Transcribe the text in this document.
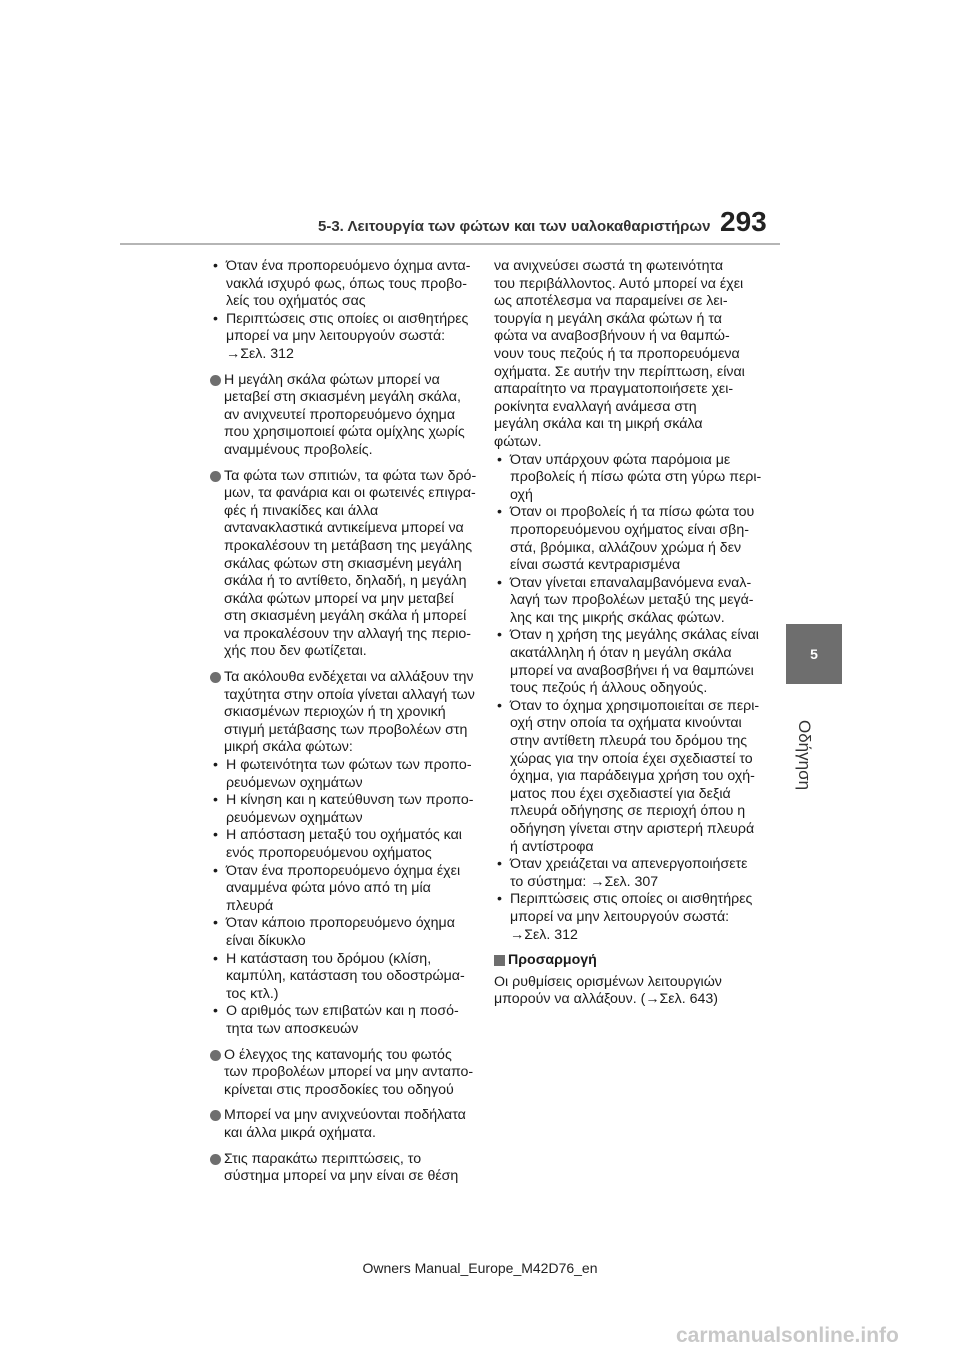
5-3. Λειτουργία των φώτων και των υαλοκαθαριστήρων 293
5
Οδήγηση
• Όταν ένα προπορευόμενο όχημα αντα-
νακλά ισχυρό φως, όπως τους προβο-
λείς του οχήματός σας
• Περιπτώσεις στις οποίες οι αισθητήρες
μπορεί να μην λειτουργούν σωστά:
→Σελ. 312
Η μεγάλη σκάλα φώτων μπορεί να
μεταβεί στη σκιασμένη μεγάλη σκάλα,
αν ανιχνευτεί προπορευόμενο όχημα
που χρησιμοποιεί φώτα ομίχλης χωρίς
αναμμένους προβολείς.
Τα φώτα των σπιτιών, τα φώτα των δρό-
μων, τα φανάρια και οι φωτεινές επιγρα-
φές ή πινακίδες και άλλα
αντανακλαστικά αντικείμενα μπορεί να
προκαλέσουν τη μετάβαση της μεγάλης
σκάλας φώτων στη σκιασμένη μεγάλη
σκάλα ή το αντίθετο, δηλαδή, η μεγάλη
σκάλα φώτων μπορεί να μην μεταβεί
στη σκιασμένη μεγάλη σκάλα ή μπορεί
να προκαλέσουν την αλλαγή της περιο-
χής που δεν φωτίζεται.
Τα ακόλουθα ενδέχεται να αλλάξουν την
ταχύτητα στην οποία γίνεται αλλαγή των
σκιασμένων περιοχών ή τη χρονική
στιγμή μετάβασης των προβολέων στη
μικρή σκάλα φώτων:
• Η φωτεινότητα των φώτων των προπο-
ρευόμενων οχημάτων
• Η κίνηση και η κατεύθυνση των προπο-
ρευόμενων οχημάτων
• Η απόσταση μεταξύ του οχήματός και
ενός προπορευόμενου οχήματος
• Όταν ένα προπορευόμενο όχημα έχει
αναμμένα φώτα μόνο από τη μία
πλευρά
• Όταν κάποιο προπορευόμενο όχημα
είναι δίκυκλο
• Η κατάσταση του δρόμου (κλίση,
καμπύλη, κατάσταση του οδοστρώμα-
τος κτλ.)
• Ο αριθμός των επιβατών και η ποσό-
τητα των αποσκευών
Ο έλεγχος της κατανομής του φωτός
των προβολέων μπορεί να μην ανταπο-
κρίνεται στις προσδοκίες του οδηγού
Μπορεί να μην ανιχνεύονται ποδήλατα
και άλλα μικρά οχήματα.
Στις παρακάτω περιπτώσεις, το
σύστημα μπορεί να μην είναι σε θέση
να ανιχνεύσει σωστά τη φωτεινότητα
του περιβάλλοντος. Αυτό μπορεί να έχει
ως αποτέλεσμα να παραμείνει σε λει-
τουργία η μεγάλη σκάλα φώτων ή τα
φώτα να αναβοσβήνουν ή να θαμπώ-
νουν τους πεζούς ή τα προπορευόμενα
οχήματα. Σε αυτήν την περίπτωση, είναι
απαραίτητο να πραγματοποιήσετε χει-
ροκίνητα εναλλαγή ανάμεσα στη
μεγάλη σκάλα και τη μικρή σκάλα
φώτων.
• Όταν υπάρχουν φώτα παρόμοια με
προβολείς ή πίσω φώτα στη γύρω περι-
οχή
• Όταν οι προβολείς ή τα πίσω φώτα του
προπορευόμενου οχήματος είναι σβη-
στά, βρόμικα, αλλάζουν χρώμα ή δεν
είναι σωστά κεντραρισμένα
• Όταν γίνεται επαναλαμβανόμενα εναλ-
λαγή των προβολέων μεταξύ της μεγά-
λης και της μικρής σκάλας φώτων.
• Όταν η χρήση της μεγάλης σκάλας είναι
ακατάλληλη ή όταν η μεγάλη σκάλα
μπορεί να αναβοσβήνει ή να θαμπώνει
τους πεζούς ή άλλους οδηγούς.
• Όταν το όχημα χρησιμοποιείται σε περι-
οχή στην οποία τα οχήματα κινούνται
στην αντίθετη πλευρά του δρόμου της
χώρας για την οποία έχει σχεδιαστεί το
όχημα, για παράδειγμα χρήση του οχή-
ματος που έχει σχεδιαστεί για δεξιά
πλευρά οδήγησης σε περιοχή όπου η
οδήγηση γίνεται στην αριστερή πλευρά
ή αντίστροφα
• Όταν χρειάζεται να απενεργοποιήσετε
το σύστημα: →Σελ. 307
• Περιπτώσεις στις οποίες οι αισθητήρες
μπορεί να μην λειτουργούν σωστά:
→Σελ. 312
Προσαρμογή
Οι ρυθμίσεις ορισμένων λειτουργιών
μπορούν να αλλάξουν. (→Σελ. 643)
Owners Manual_Europe_M42D76_en
carmanualsonline.info
